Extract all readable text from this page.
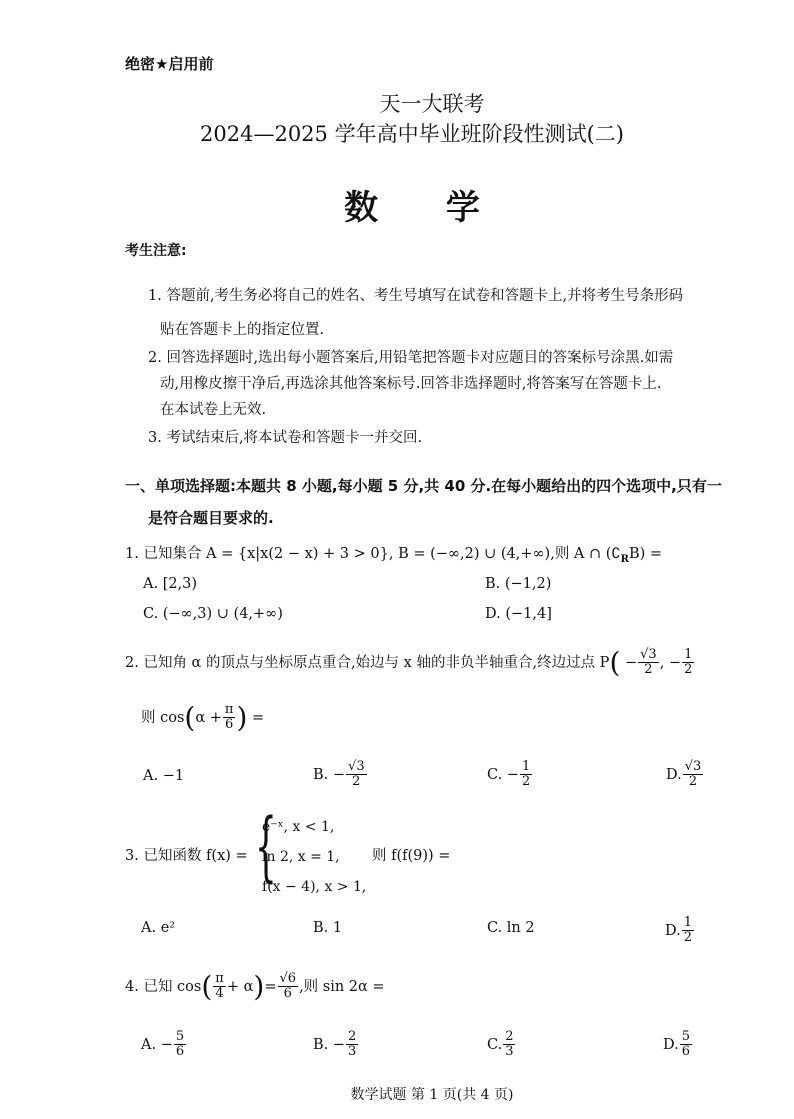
绝密★启用前
天一大联考
2024—2025 学年高中毕业班阶段性测试(二)
数 学
考生注意:
1. 答题前,考生务必将自己的姓名、考生号填写在试卷和答题卡上,并将考生号条形码
贴在答题卡上的指定位置.
2. 回答选择题时,选出每小题答案后,用铅笔把答题卡对应题目的答案标号涂黑.如需
动,用橡皮擦干净后,再选涂其他答案标号.回答非选择题时,将答案写在答题卡上.
在本试卷上无效.
3. 考试结束后,将本试卷和答题卡一并交回.
一、单项选择题:本题共 8 小题,每小题 5 分,共 40 分.在每小题给出的四个选项中,只有一
是符合题目要求的.
1. 已知集合 A = {x|x(2 − x) + 3 > 0}, B = (−∞,2) ∪ (4,+∞),则 A ∩ $(∁_RB)$ =
A. [2,3)	B. (−1,2)
C. (−∞,3) ∪ (4,+∞)	D. (−1,4]
2. 已知角 α 的顶点与坐标原点重合,始边与 x 轴的非负半轴重合,终边过点 $P( - \frac{√3}{2}$ , − $\frac{1}{2}$
则 $\cos(\alpha + \frac{\pi}{6}$ ) =
A. −1	B. − $\frac{√3}{2}$	C. − $\frac{1}{2}$	D. $\frac{√3}{2}$
3. 已知函数 f(x) = {
e⁻ˣ, x < 1,
ln 2, x = 1,
f(x − 4), x > 1,
则 f(f(9)) =
A. e²	B. 1	C. ln 2	D. $\frac{1}{2}$
4. 已知 $\cos( \frac{\pi}{4} + \alpha)= \frac{√6}{6}$ ,则 sin 2α =
A. − $\frac{5}{6}$	B. − $\frac{2}{3}$	C. $\frac{2}{3}$	D. $\frac{5}{6}$
数学试题 第 1 页(共 4 页)
